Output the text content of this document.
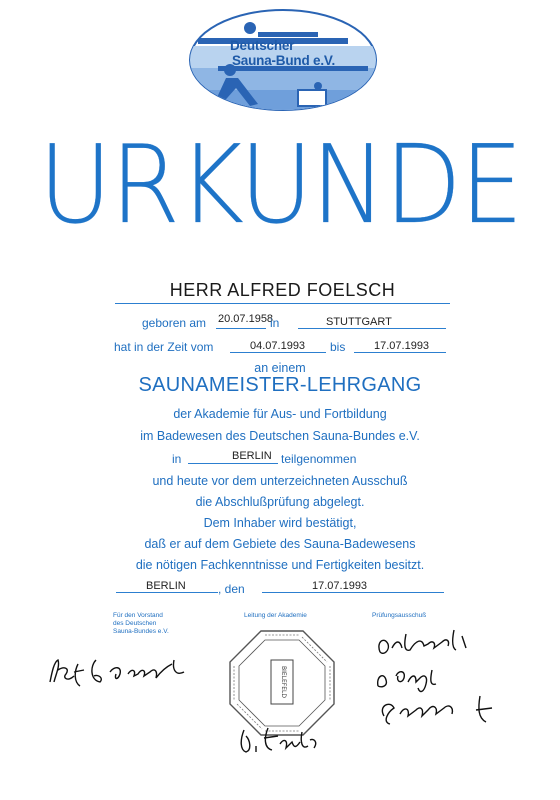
Deutscher
Sauna-Bund e.V.
URKUNDE
HERR ALFRED FOELSCH
geboren am 20.07.1958
in	STUTTGART
hat in der Zeit vom	04.07.1993 bis	17.07.1993
an einem
SAUNAMEISTER-LEHRGANG
der Akademie für Aus- und Fortbildung
im Badewesen des Deutschen Sauna-Bundes e.V.
in	BERLIN teilgenommen
und heute vor dem unterzeichneten Ausschuß
die Abschlußprüfung abgelegt.
Dem Inhaber wird bestätigt,
daß er auf dem Gebiete des Sauna-Badewesens
die nötigen Fachkenntnisse und Fertigkeiten besitzt.
BERLIN	, den	17.07.1993
Für den Vorstand
des Deutschen
Sauna-Bundes e.V.
Leitung der Akademie	Prüfungsausschuß
BIELEFELD
